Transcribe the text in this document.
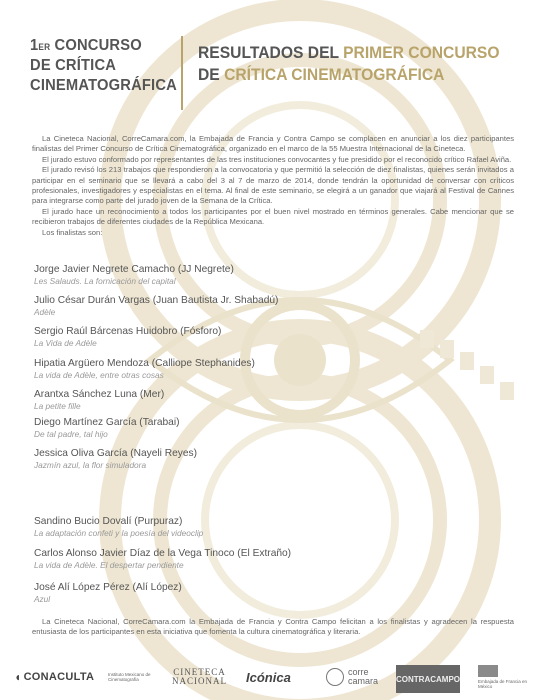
1ER CONCURSO
DE CRÍTICA
CINEMATOGRÁFICA
RESULTADOS DEL PRIMER CONCURSO
DE CRÍTICA CINEMATOGRÁFICA

La Cineteca Nacional, CorreCamara.com, la Embajada de Francia y Contra Campo se complacen en anunciar a los diez participantes finalistas del Primer Concurso de Crítica Cinematográfica, organizado en el marco de la 55 Muestra Internacional de la Cineteca.

El jurado estuvo conformado por representantes de las tres instituciones convocantes y fue presidido por el reconocido crítico Rafael Aviña.

El jurado revisó los 213 trabajos que respondieron a la convocatoria y que permitió la selección de diez finalistas, quienes serán invitados a participar en el seminario que se llevará a cabo del 3 al 7 de marzo de 2014, donde tendrán la oportunidad de conversar con críticos profesionales, investigadores y especialistas en el tema. Al final de este seminario, se elegirá a un ganador que viajará al Festival de Cannes para integrarse como parte del jurado joven de la Semana de la Crítica.

El jurado hace un reconocimiento a todos los participantes por el buen nivel mostrado en términos generales. Cabe mencionar que se recibieron trabajos de diferentes ciudades de la República Mexicana.

Los finalistas son:

Jorge Javier Negrete Camacho (JJ Negrete)
Les Salauds. La fornicación del capital
Julio César Durán Vargas (Juan Bautista Jr. Shabadú)
Adèle
Sergio Raúl Bárcenas Huidobro (Fósforo)
La Vida de Adèle
Hipatia Argüero Mendoza (Calliope Stephanides)
La vida de Adèle, entre otras cosas
Arantxa Sánchez Luna (Mer)
La petite fille
Diego Martínez García (Tarabai)
De tal padre, tal hijo
Jessica Oliva García (Nayeli Reyes)
Jazmín azul, la flor simuladora
Sandino Bucio Dovalí (Purpuraz)
La adaptación confeti y la poesía del videoclip
Carlos Alonso Javier Díaz de la Vega Tinoco (El Extraño)
La vida de Adèle. El despertar pendiente
José Alí López Pérez (Alí López)
Azul

La Cineteca Nacional, CorreCamara.com la Embajada de Francia y Contra Campo felicitan a los finalistas y agradecen la respuesta entusiasta de los participantes en esta iniciativa que fomenta la cultura cinematográfica y literaria.

◖ CONACULTA	Instituto Mexicano de Cinematografía
CINETECA
NACIONAL Icónica	corre
camara CONTRACAMPO	Embajada de Francia en México
